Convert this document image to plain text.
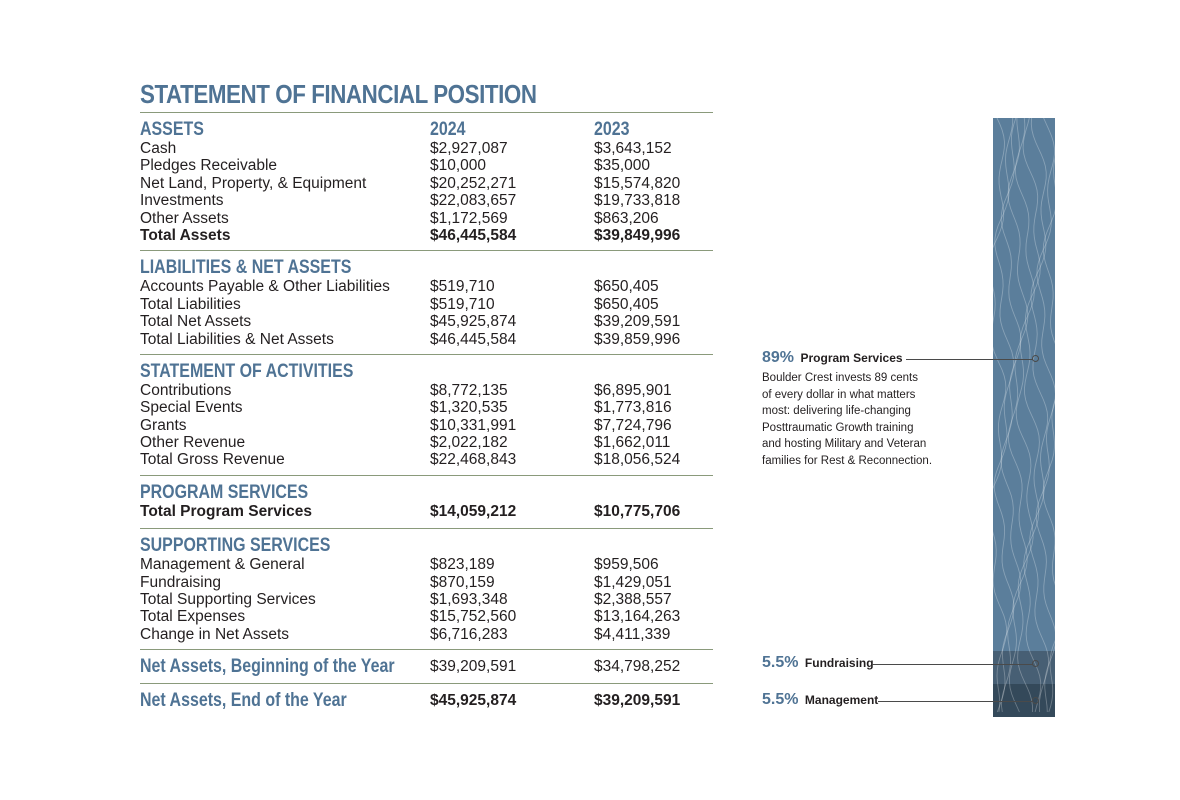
STATEMENT OF FINANCIAL POSITION
ASSETS	2024	2023
Cash	$2,927,087	$3,643,152
Pledges Receivable	$10,000	$35,000
Net Land, Property, & Equipment	$20,252,271	$15,574,820
Investments	$22,083,657	$19,733,818
Other Assets	$1,172,569	$863,206
Total Assets	$46,445,584	$39,849,996
LIABILITIES & NET ASSETS
Accounts Payable & Other Liabilities	$519,710	$650,405
Total Liabilities	$519,710	$650,405
Total Net Assets	$45,925,874	$39,209,591
Total Liabilities & Net Assets	$46,445,584	$39,859,996
STATEMENT OF ACTIVITIES
Contributions	$8,772,135	$6,895,901
Special Events	$1,320,535	$1,773,816
Grants	$10,331,991	$7,724,796
Other Revenue	$2,022,182	$1,662,011
Total Gross Revenue	$22,468,843	$18,056,524
PROGRAM SERVICES
Total Program Services	$14,059,212	$10,775,706
SUPPORTING SERVICES
Management & General	$823,189	$959,506
Fundraising	$870,159	$1,429,051
Total Supporting Services	$1,693,348	$2,388,557
Total Expenses	$15,752,560	$13,164,263
Change in Net Assets	$6,716,283	$4,411,339
Net Assets, Beginning of the Year $39,209,591	$34,798,252
Net Assets, End of the Year	$45,925,874	$39,209,591
89% Program Services

Boulder Crest invests 89 cents
of every dollar in what matters
most: delivering life-changing
Posttraumatic Growth training
and hosting Military and Veteran
families for Rest & Reconnection.

5.5% Fundraising
5.5% Management
